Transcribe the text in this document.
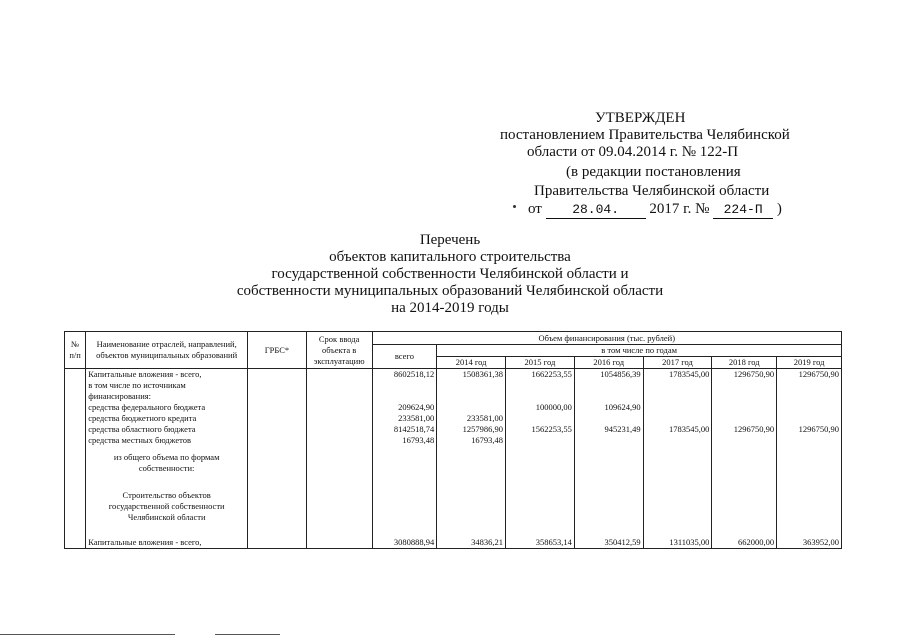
УТВЕРЖДЕН
постановлением Правительства Челябинской
области от 09.04.2014 г. № 122-П
(в редакции постановления
Правительства Челябинской области
от 28.04. 2017 г. № 224-П )
Перечень
объектов капитального строительства
государственной собственности Челябинской области и
собственности муниципальных образований Челябинской области
на 2014-2019 годы
№ п/п	Наименование отраслей, направлений, объектов муниципальных образований	ГРБС*	Срок ввода объекта в эксплуатацию	Объем финансирования (тыс. рублей)						
				всего	в том числе по годам					
					2014 год	2015 год	2016 год	2017 год	2018 год	2019 год
	Капитальные вложения - всего,			8602518,12	1508361,38	1662253,55	1054856,39	1783545,00	1296750,90	1296750,90
	в том числе по источникам									
	финансирования:									
	средства федерального бюджета			209624,90		100000,00	109624,90			
	средства бюджетного кредита			233581,00	233581,00					
	средства областного бюджета			8142518,74	1257986,90	1562253,55	945231,49	1783545,00	1296750,90	1296750,90
	средства местных бюджетов			16793,48	16793,48					
	из общего объема по формам собственности:									
	Строительство объектов государственной собственности Челябинской области									
	Капитальные вложения - всего,			3080888,94	34836,21	358653,14	350412,59	1311035,00	662000,00	363952,00
